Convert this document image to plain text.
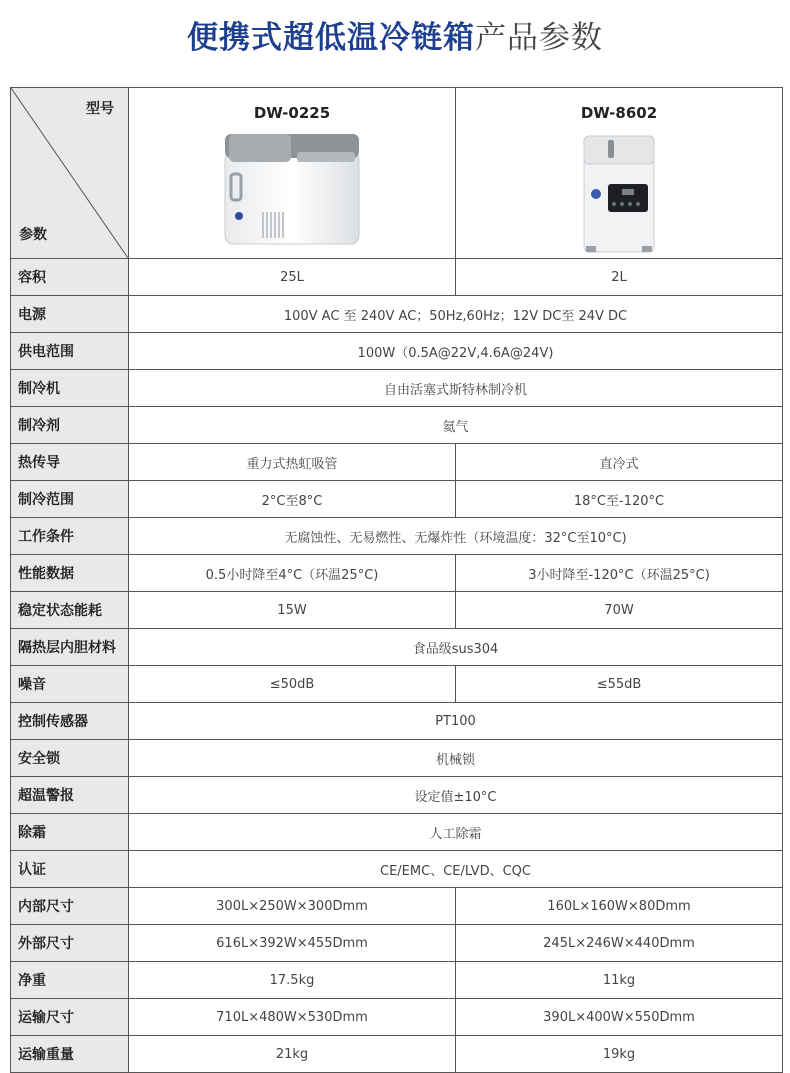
便携式超低温冷链箱 产品参数
型号
参数	DW-0225	DW-8602

容积	25L	2L
电源	100V AC 至 240V AC；50Hz,60Hz；12V DC至 24V DC	
供电范围	100W（0.5A@22V,4.6A@24V)	
制冷机	自由活塞式斯特林制冷机	
制冷剂	氦气	
热传导	重力式热虹吸管	直冷式
制冷范围	2°C至8°C	18°C至-120°C
工作条件	无腐蚀性、无易燃性、无爆炸性（环境温度：32°C至10°C)	
性能数据	0.5小时降至4°C（环温25°C)	3小时降至-120°C（环温25°C)
稳定状态能耗	15W	70W
隔热层内胆材料	食品级sus304	
噪音	≤50dB	≤55dB
控制传感器	PT100	
安全锁	机械锁	
超温警报	设定值±10°C	
除霜	人工除霜	
认证	CE/EMC、CE/LVD、CQC	
内部尺寸	300L×250W×300Dmm	160L×160W×80Dmm
外部尺寸	616L×392W×455Dmm	245L×246W×440Dmm
净重	17.5kg	11kg
运输尺寸	710L×480W×530Dmm	390L×400W×550Dmm
运输重量	21kg	19kg
